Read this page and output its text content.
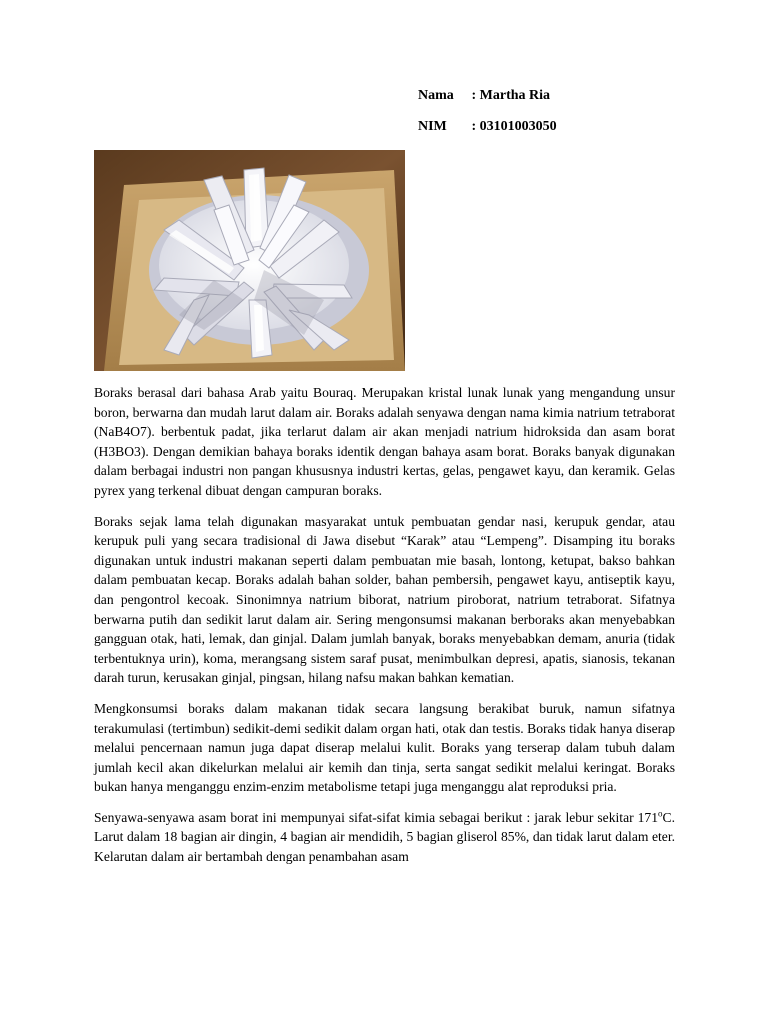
Nama : Martha Ria
NIM : 03101003050

Boraks berasal dari bahasa Arab yaitu Bouraq. Merupakan kristal lunak lunak yang mengandung unsur boron, berwarna dan mudah larut dalam air. Boraks adalah senyawa dengan nama kimia natrium tetraborat (NaB4O7). berbentuk padat, jika terlarut dalam air akan menjadi natrium hidroksida dan asam borat (H3BO3). Dengan demikian bahaya boraks identik dengan bahaya asam borat. Boraks banyak digunakan dalam berbagai industri non pangan khususnya industri kertas, gelas, pengawet kayu, dan keramik. Gelas pyrex yang terkenal dibuat dengan campuran boraks.

Boraks sejak lama telah digunakan masyarakat untuk pembuatan gendar nasi, kerupuk gendar, atau kerupuk puli yang secara tradisional di Jawa disebut “Karak” atau “Lempeng”. Disamping itu boraks digunakan untuk industri makanan seperti dalam pembuatan mie basah, lontong, ketupat, bakso bahkan dalam pembuatan kecap. Boraks adalah bahan solder, bahan pembersih, pengawet kayu, antiseptik kayu, dan pengontrol kecoak. Sinonimnya natrium biborat, natrium piroborat, natrium tetraborat. Sifatnya berwarna putih dan sedikit larut dalam air. Sering mengonsumsi makanan berboraks akan menyebabkan gangguan otak, hati, lemak, dan ginjal. Dalam jumlah banyak, boraks menyebabkan demam, anuria (tidak terbentuknya urin), koma, merangsang sistem saraf pusat, menimbulkan depresi, apatis, sianosis, tekanan darah turun, kerusakan ginjal, pingsan, hilang nafsu makan bahkan kematian.

Mengkonsumsi boraks dalam makanan tidak secara langsung berakibat buruk, namun sifatnya terakumulasi (tertimbun) sedikit-demi sedikit dalam organ hati, otak dan testis. Boraks tidak hanya diserap melalui pencernaan namun juga dapat diserap melalui kulit. Boraks yang terserap dalam tubuh dalam jumlah kecil akan dikelurkan melalui air kemih dan tinja, serta sangat sedikit melalui keringat. Boraks bukan hanya menganggu enzim-enzim metabolisme tetapi juga menganggu alat reproduksi pria.

Senyawa-senyawa asam borat ini mempunyai sifat-sifat kimia sebagai berikut : jarak lebur sekitar 171$^o$C. Larut dalam 18 bagian air dingin, 4 bagian air mendidih, 5 bagian gliserol 85%, dan tidak larut dalam eter. Kelarutan dalam air bertambah dengan penambahan asam
